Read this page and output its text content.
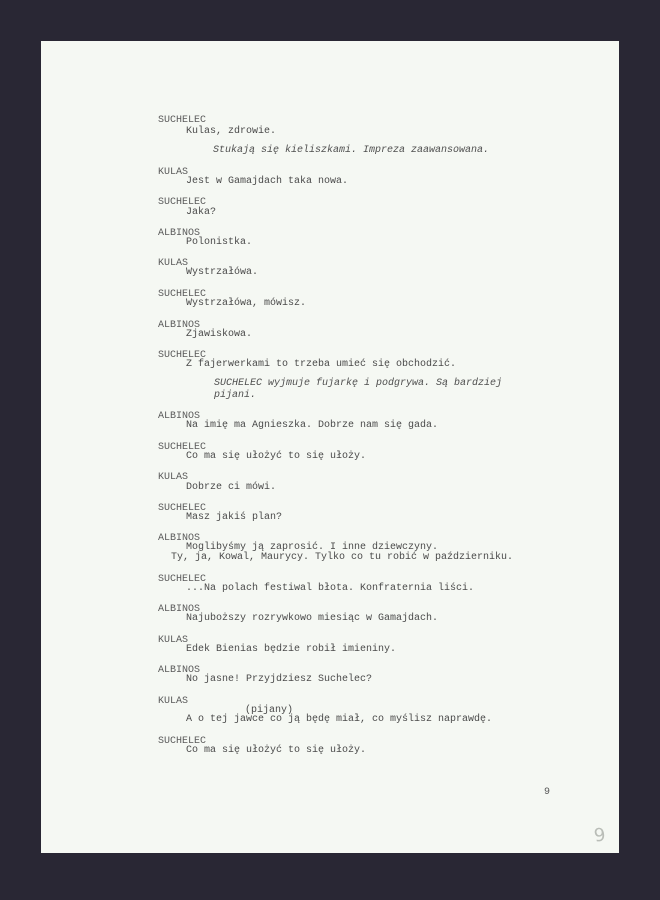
SUCHELEC
Kulas, zdrowie.
Stukają się kieliszkami. Impreza zaawansowana.
KULAS
Jest w Gamajdach taka nowa.
SUCHELEC
Jaka?
ALBINOS
Polonistka.
KULAS
Wystrzałówa.
SUCHELEC
Wystrzałówa, mówisz.
ALBINOS
Zjawiskowa.
SUCHELEC
Z fajerwerkami to trzeba umieć się obchodzić.
SUCHELEC wyjmuje fujarkę i podgrywa. Są bardziej
pijani.
ALBINOS
Na imię ma Agnieszka. Dobrze nam się gada.
SUCHELEC
Co ma się ułożyć to się ułoży.
KULAS
Dobrze ci mówi.
SUCHELEC
Masz jakiś plan?
ALBINOS
Moglibyśmy ją zaprosić. I inne dziewczyny.
Ty, ja, Kowal, Maurycy. Tylko co tu robić w październiku.
SUCHELEC
...Na polach festiwal błota. Konfraternia liści.
ALBINOS
Najuboższy rozrywkowo miesiąc w Gamajdach.
KULAS
Edek Bienias będzie robił imieniny.
ALBINOS
No jasne! Przyjdziesz Suchelec?
KULAS
(pijany)
A o tej jawce co ją będę miał, co myślisz naprawdę.
SUCHELEC
Co ma się ułożyć to się ułoży.
9
9
